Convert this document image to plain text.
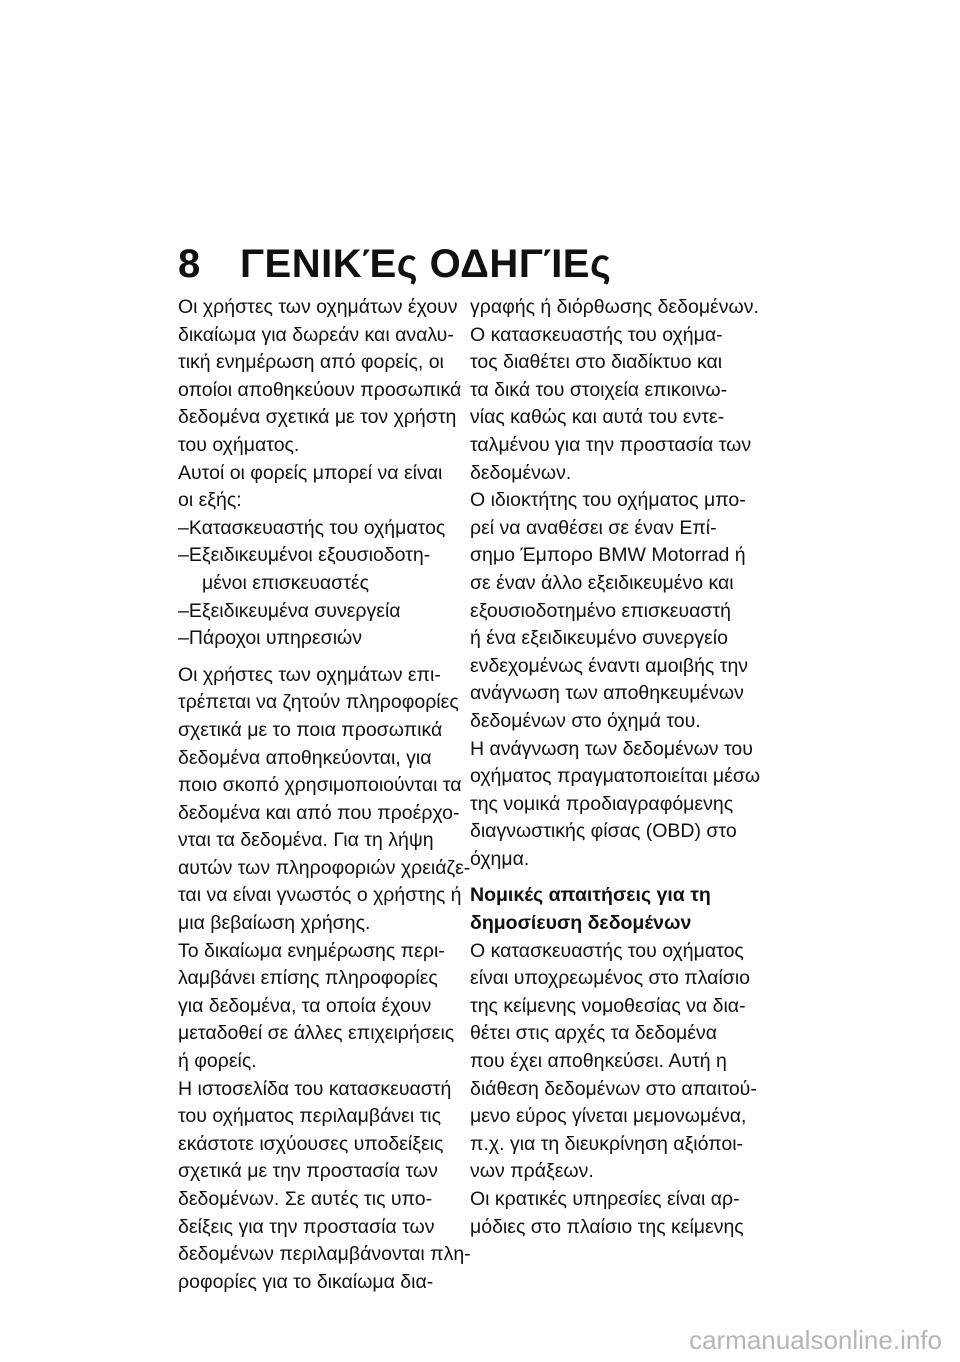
8 ΓΕΝΙΚΈς ΟΔΗΓΊΕς
Οι χρήστες των οχημάτων έχουν
δικαίωμα για δωρεάν και αναλυ-
τική ενημέρωση από φορείς, οι
οποίοι αποθηκεύουν προσωπικά
δεδομένα σχετικά με τον χρήστη
του οχήματος.
Αυτοί οι φορείς μπορεί να είναι
οι εξής:
–Κατασκευαστής του οχήματος
–Εξειδικευμένοι εξουσιοδοτη-
μένοι επισκευαστές
–Εξειδικευμένα συνεργεία
–Πάροχοι υπηρεσιών
Οι χρήστες των οχημάτων επι-
τρέπεται να ζητούν πληροφορίες
σχετικά με το ποια προσωπικά
δεδομένα αποθηκεύονται, για
ποιο σκοπό χρησιμοποιούνται τα
δεδομένα και από που προέρχο-
νται τα δεδομένα. Για τη λήψη
αυτών των πληροφοριών χρειάζε-
ται να είναι γνωστός ο χρήστης ή
μια βεβαίωση χρήσης.
Το δικαίωμα ενημέρωσης περι-
λαμβάνει επίσης πληροφορίες
για δεδομένα, τα οποία έχουν
μεταδοθεί σε άλλες επιχειρήσεις
ή φορείς.
Η ιστοσελίδα του κατασκευαστή
του οχήματος περιλαμβάνει τις
εκάστοτε ισχύουσες υποδείξεις
σχετικά με την προστασία των
δεδομένων. Σε αυτές τις υπο-
δείξεις για την προστασία των
δεδομένων περιλαμβάνονται πλη-
ροφορίες για το δικαίωμα δια-
γραφής ή διόρθωσης δεδομένων.
Ο κατασκευαστής του οχήμα-
τος διαθέτει στο διαδίκτυο και
τα δικά του στοιχεία επικοινω-
νίας καθώς και αυτά του εντε-
ταλμένου για την προστασία των
δεδομένων.
Ο ιδιοκτήτης του οχήματος μπο-
ρεί να αναθέσει σε έναν Επί-
σημο Έμπορο BMW Motorrad ή
σε έναν άλλο εξειδικευμένο και
εξουσιοδοτημένο επισκευαστή
ή ένα εξειδικευμένο συνεργείο
ενδεχομένως έναντι αμοιβής την
ανάγνωση των αποθηκευμένων
δεδομένων στο όχημά του.
Η ανάγνωση των δεδομένων του
οχήματος πραγματοποιείται μέσω
της νομικά προδιαγραφόμενης
διαγνωστικής φίσας (OBD) στο
όχημα.
Νομικές απαιτήσεις για τη
δημοσίευση δεδομένων
Ο κατασκευαστής του οχήματος
είναι υποχρεωμένος στο πλαίσιο
της κείμενης νομοθεσίας να δια-
θέτει στις αρχές τα δεδομένα
που έχει αποθηκεύσει. Αυτή η
διάθεση δεδομένων στο απαιτού-
μενο εύρος γίνεται μεμονωμένα,
π.χ. για τη διευκρίνηση αξιόποι-
νων πράξεων.
Οι κρατικές υπηρεσίες είναι αρ-
μόδιες στο πλαίσιο της κείμενης
carmanualsonline.info
